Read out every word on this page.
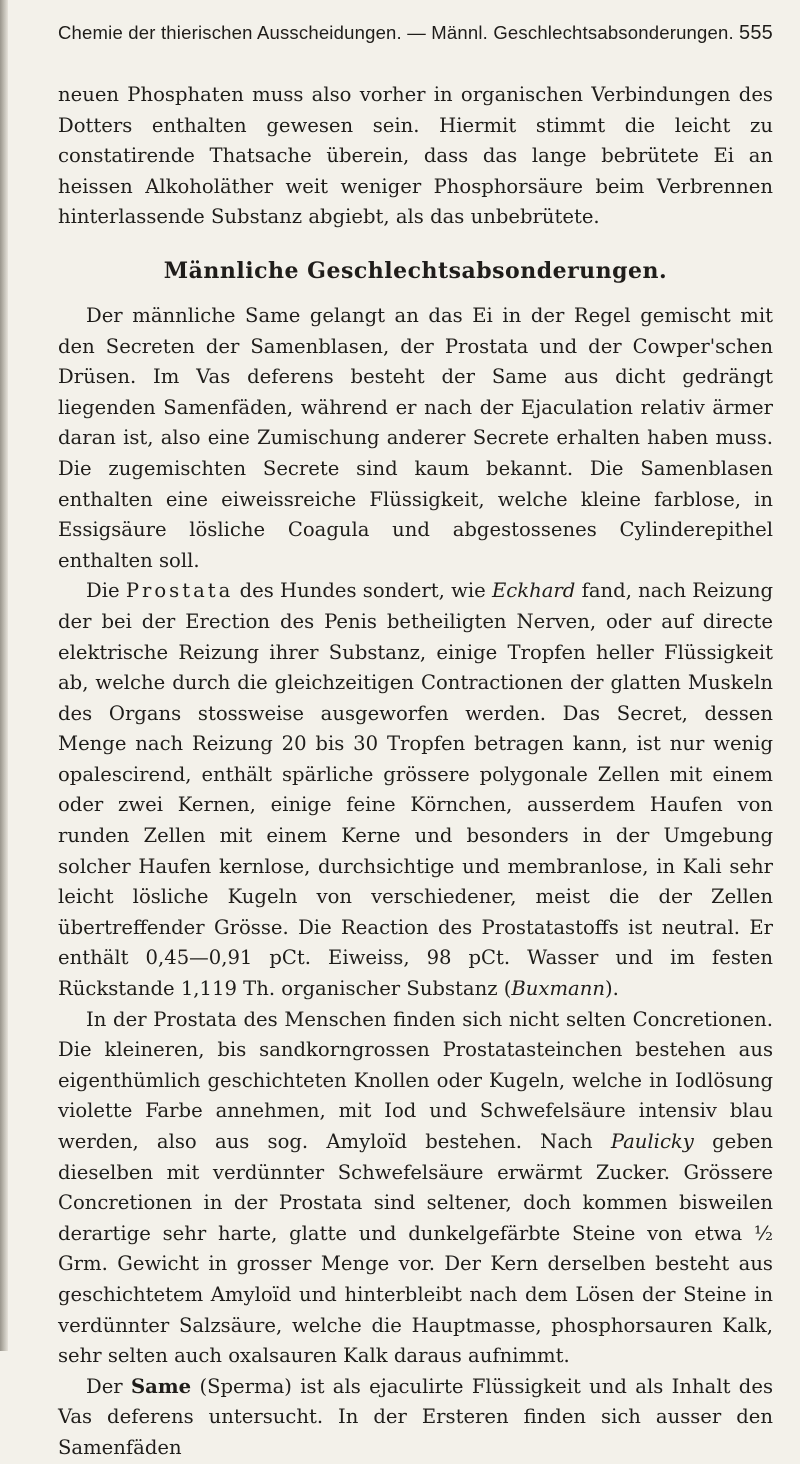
Chemie der thierischen Ausscheidungen. — Männl. Geschlechtsabsonderungen. 555

neuen Phosphaten muss also vorher in organischen Verbindungen des Dotters enthalten gewesen sein. Hiermit stimmt die leicht zu constatirende Thatsache überein, dass das lange bebrütete Ei an heissen Alkoholäther weit weniger Phosphorsäure beim Verbrennen hinterlassende Substanz abgiebt, als das unbebrütete.

Männliche Geschlechtsabsonderungen.

Der männliche Same gelangt an das Ei in der Regel gemischt mit den Secreten der Samenblasen, der Prostata und der Cowper'schen Drüsen. Im Vas deferens besteht der Same aus dicht gedrängt liegenden Samenfäden, während er nach der Ejaculation relativ ärmer daran ist, also eine Zumischung anderer Secrete erhalten haben muss. Die zugemischten Secrete sind kaum bekannt. Die Samenblasen enthalten eine eiweissreiche Flüssigkeit, welche kleine farblose, in Essigsäure lösliche Coagula und abgestossenes Cylinderepithel enthalten soll.

Die Prostata des Hundes sondert, wie Eckhard fand, nach Reizung der bei der Erection des Penis betheiligten Nerven, oder auf directe elektrische Reizung ihrer Substanz, einige Tropfen heller Flüssigkeit ab, welche durch die gleichzeitigen Contractionen der glatten Muskeln des Organs stossweise ausgeworfen werden. Das Secret, dessen Menge nach Reizung 20 bis 30 Tropfen betragen kann, ist nur wenig opalescirend, enthält spärliche grössere polygonale Zellen mit einem oder zwei Kernen, einige feine Körnchen, ausserdem Haufen von runden Zellen mit einem Kerne und besonders in der Umgebung solcher Haufen kernlose, durchsichtige und membranlose, in Kali sehr leicht lösliche Kugeln von verschiedener, meist die der Zellen übertreffender Grösse. Die Reaction des Prostatastoffs ist neutral. Er enthält 0,45—0,91 pCt. Eiweiss, 98 pCt. Wasser und im festen Rückstande 1,119 Th. organischer Substanz (Buxmann).

In der Prostata des Menschen finden sich nicht selten Concretionen. Die kleineren, bis sandkorngrossen Prostatasteinchen bestehen aus eigenthümlich geschichteten Knollen oder Kugeln, welche in Iodlösung violette Farbe annehmen, mit Iod und Schwefelsäure intensiv blau werden, also aus sog. Amyloïd bestehen. Nach Paulicky geben dieselben mit verdünnter Schwefelsäure erwärmt Zucker. Grössere Concretionen in der Prostata sind seltener, doch kommen bisweilen derartige sehr harte, glatte und dunkelgefärbte Steine von etwa ½ Grm. Gewicht in grosser Menge vor. Der Kern derselben besteht aus geschichtetem Amyloïd und hinterbleibt nach dem Lösen der Steine in verdünnter Salzsäure, welche die Hauptmasse, phosphorsauren Kalk, sehr selten auch oxalsauren Kalk daraus aufnimmt.

Der Same (Sperma) ist als ejaculirte Flüssigkeit und als Inhalt des Vas deferens untersucht. In der Ersteren finden sich ausser den Samenfäden
